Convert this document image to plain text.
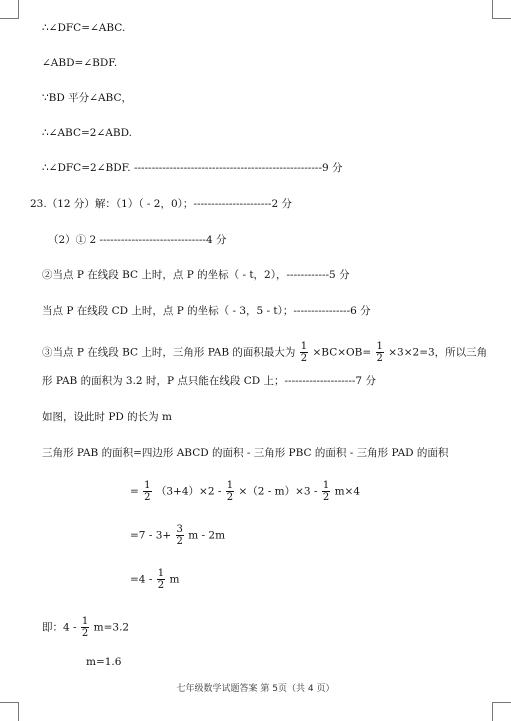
∴∠DFC=∠ABC.
∠ABD=∠BDF.
∵BD 平分∠ABC，
∴∠ABC=2∠ABD.
∴∠DFC=2∠BDF. -----------------------------------------------------9 分
23.（12 分）解：（1）（ - 2，0）；----------------------2 分
（2）① 2 ------------------------------4 分
②当点 P 在线段 BC 上时，点 P 的坐标（ - t，2），------------5 分
当点 P 在线段 CD 上时，点 P 的坐标（ - 3，5 - t）；----------------6 分
③当点 P 在线段 BC 上时，三角形 PAB 的面积最大为 $\frac{1}{2} \times BC\times OB= \frac{1}{2} \times 3\times 2=3$，所以三角
形 PAB 的面积为 3.2 时，P 点只能在线段 CD 上；--------------------7 分
如图，设此时 PD 的长为 m
三角形 PAB 的面积=四边形 ABCD 的面积 - 三角形 PBC 的面积 - 三角形 PAD 的面积
= $\frac{1}{2} (3+4)\times 2 - \frac{1}{2} \times(2 - m)\times 3 - \frac{1}{2} m\times 4$
$=7 - 3+ \frac{3}{2}$ m - 2m
$=4 - \frac{1}{2}$ m
即：$4 - \frac{1}{2} m=3.2$
m=1.6
七年级数学试题答案 第 5页（共 4 页）
